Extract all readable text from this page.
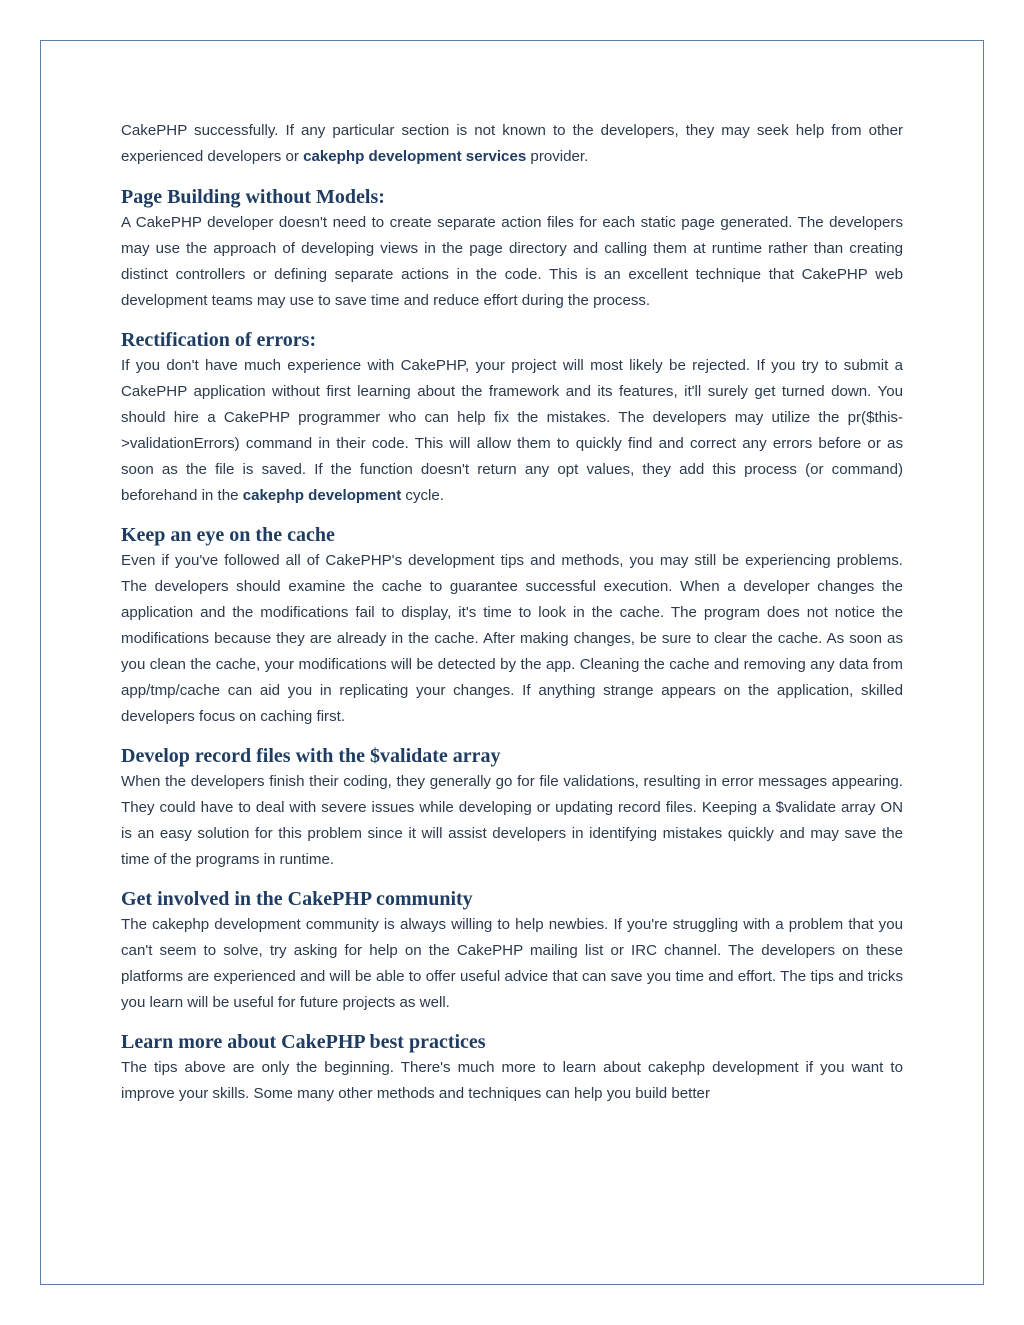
CakePHP successfully. If any particular section is not known to the developers, they may seek help from other experienced developers or cakephp development services provider.

Page Building without Models:

A CakePHP developer doesn't need to create separate action files for each static page generated. The developers may use the approach of developing views in the page directory and calling them at runtime rather than creating distinct controllers or defining separate actions in the code. This is an excellent technique that CakePHP web development teams may use to save time and reduce effort during the process.

Rectification of errors:

If you don't have much experience with CakePHP, your project will most likely be rejected. If you try to submit a CakePHP application without first learning about the framework and its features, it'll surely get turned down. You should hire a CakePHP programmer who can help fix the mistakes. The developers may utilize the pr($this->validationErrors) command in their code. This will allow them to quickly find and correct any errors before or as soon as the file is saved. If the function doesn't return any opt values, they add this process (or command) beforehand in the cakephp development cycle.

Keep an eye on the cache

Even if you've followed all of CakePHP's development tips and methods, you may still be experiencing problems. The developers should examine the cache to guarantee successful execution. When a developer changes the application and the modifications fail to display, it's time to look in the cache. The program does not notice the modifications because they are already in the cache. After making changes, be sure to clear the cache. As soon as you clean the cache, your modifications will be detected by the app. Cleaning the cache and removing any data from app/tmp/cache can aid you in replicating your changes. If anything strange appears on the application, skilled developers focus on caching first.

Develop record files with the $validate array

When the developers finish their coding, they generally go for file validations, resulting in error messages appearing. They could have to deal with severe issues while developing or updating record files. Keeping a $validate array ON is an easy solution for this problem since it will assist developers in identifying mistakes quickly and may save the time of the programs in runtime.

Get involved in the CakePHP community

The cakephp development community is always willing to help newbies. If you're struggling with a problem that you can't seem to solve, try asking for help on the CakePHP mailing list or IRC channel. The developers on these platforms are experienced and will be able to offer useful advice that can save you time and effort. The tips and tricks you learn will be useful for future projects as well.

Learn more about CakePHP best practices

The tips above are only the beginning. There's much more to learn about cakephp development if you want to improve your skills. Some many other methods and techniques can help you build better
